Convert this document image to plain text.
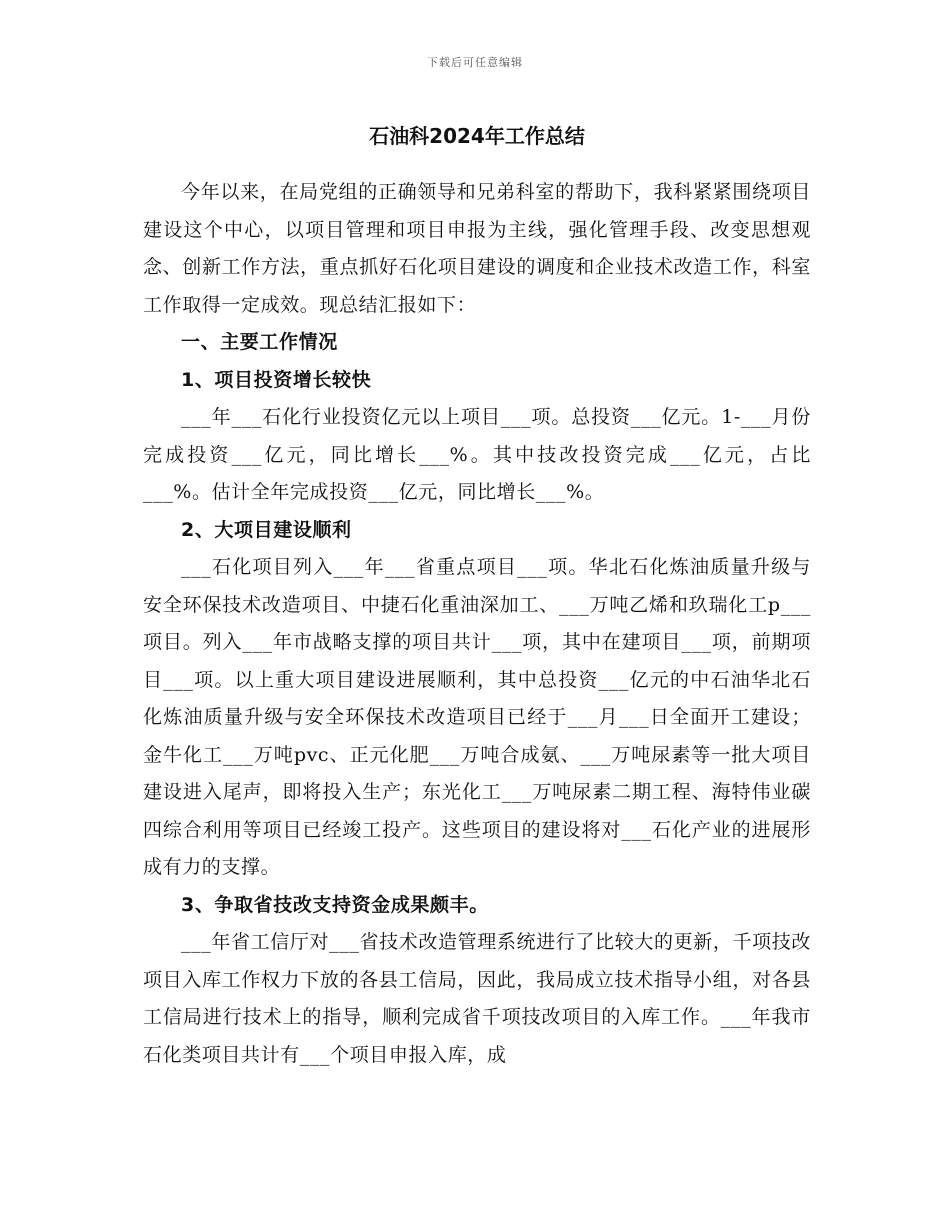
下载后可任意编辑
石油科2024年工作总结

今年以来，在局党组的正确领导和兄弟科室的帮助下，我科紧紧围绕项目建设这个中心，以项目管理和项目申报为主线，强化管理手段、改变思想观念、创新工作方法，重点抓好石化项目建设的调度和企业技术改造工作，科室工作取得一定成效。现总结汇报如下：

一、主要工作情况

1、项目投资增长较快

___年___石化行业投资亿元以上项目___项。总投资___亿元。1-___月份完成投资___亿元，同比增长___%。其中技改投资完成___亿元，占比___%。估计全年完成投资___亿元，同比增长___%。

2、大项目建设顺利

___石化项目列入___年___省重点项目___项。华北石化炼油质量升级与安全环保技术改造项目、中捷石化重油深加工、___万吨乙烯和玖瑞化工p___项目。列入___年市战略支撑的项目共计___项，其中在建项目___项，前期项目___项。以上重大项目建设进展顺利，其中总投资___亿元的中石油华北石化炼油质量升级与安全环保技术改造项目已经于___月___日全面开工建设；金牛化工___万吨pvc、正元化肥___万吨合成氨、___万吨尿素等一批大项目建设进入尾声，即将投入生产；东光化工___万吨尿素二期工程、海特伟业碳四综合利用等项目已经竣工投产。这些项目的建设将对___石化产业的进展形成有力的支撑。

3、争取省技改支持资金成果颇丰。

___年省工信厅对___省技术改造管理系统进行了比较大的更新，千项技改项目入库工作权力下放的各县工信局，因此，我局成立技术指导小组，对各县工信局进行技术上的指导，顺利完成省千项技改项目的入库工作。___年我市石化类项目共计有___个项目申报入库，成
